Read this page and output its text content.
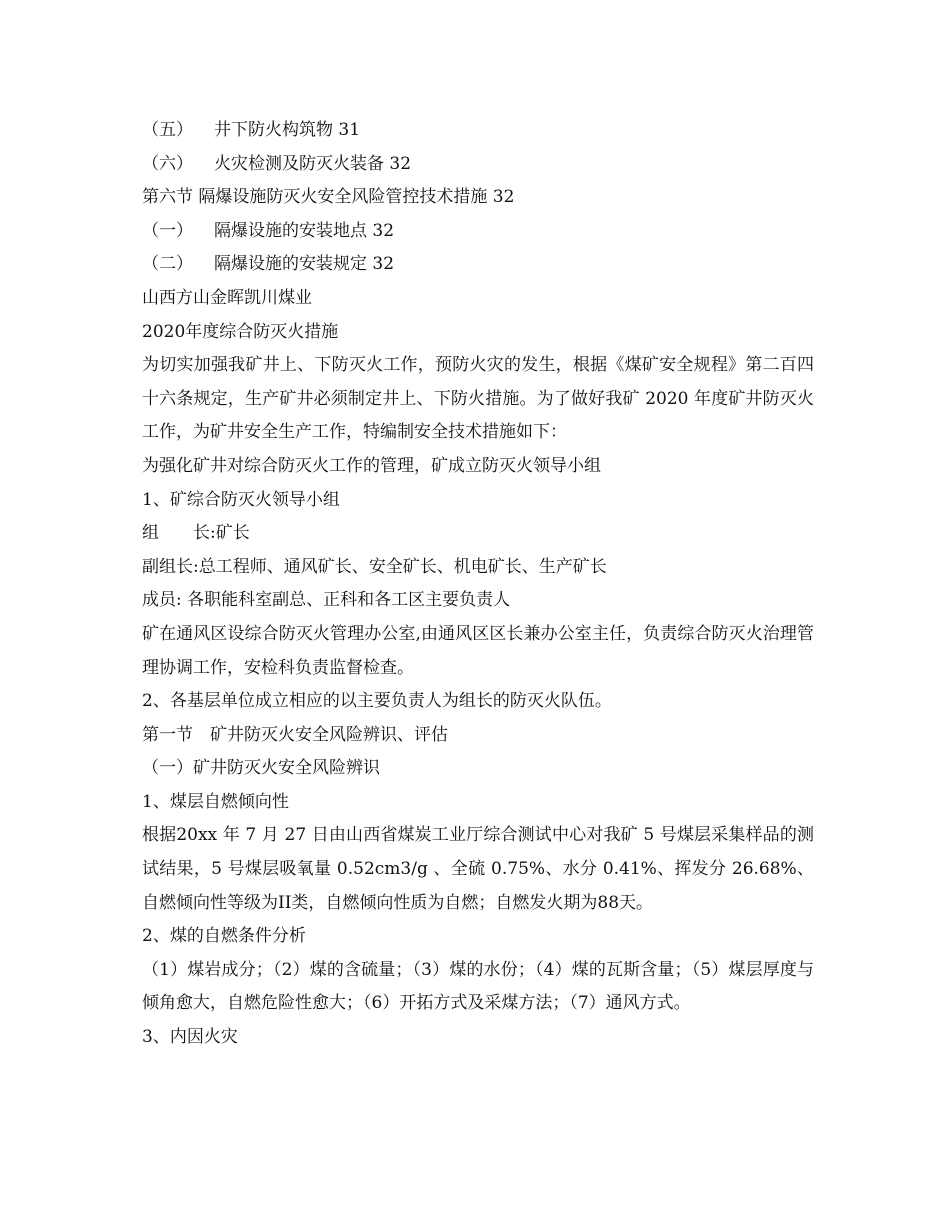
（五）	井下防火构筑物 31
（六）	火灾检测及防灭火装备 32
第六节 隔爆设施防灭火安全风险管控技术措施 32
（一）	隔爆设施的安装地点 32
（二）	隔爆设施的安装规定 32
山西方山金晖凯川煤业
2020年度综合防灭火措施

为切实加强我矿井上、下防灭火工作，预防火灾的发生，根据《煤矿安全规程》第二百四十六条规定，生产矿井必须制定井上、下防火措施。为了做好我矿 2020 年度矿井防灭火工作，为矿井安全生产工作，特编制安全技术措施如下：

为强化矿井对综合防灭火工作的管理，矿成立防灭火领导小组
1、矿综合防灭火领导小组
组　　长:矿长
副组长:总工程师、通风矿长、安全矿长、机电矿长、生产矿长
成员: 各职能科室副总、正科和各工区主要负责人

矿在通风区设综合防灭火管理办公室,由通风区区长兼办公室主任，负责综合防灭火治理管理协调工作，安检科负责监督检查。

2、各基层单位成立相应的以主要负责人为组长的防灭火队伍。
第一节　矿井防灭火安全风险辨识、评估
（一）矿井防灭火安全风险辨识
1、煤层自燃倾向性

根据20xx 年 7 月 27 日由山西省煤炭工业厅综合测试中心对我矿 5 号煤层采集样品的测试结果，5 号煤层吸氧量 0.52cm3/g 、全硫 0.75%、水分 0.41%、挥发分 26.68%、自燃倾向性等级为II类，自燃倾向性质为自燃；自燃发火期为88天。

2、煤的自燃条件分析

（1）煤岩成分；（2）煤的含硫量；（3）煤的水份；（4）煤的瓦斯含量；（5）煤层厚度与倾角愈大，自燃危险性愈大；（6）开拓方式及采煤方法；（7）通风方式。

3、内因火灾
